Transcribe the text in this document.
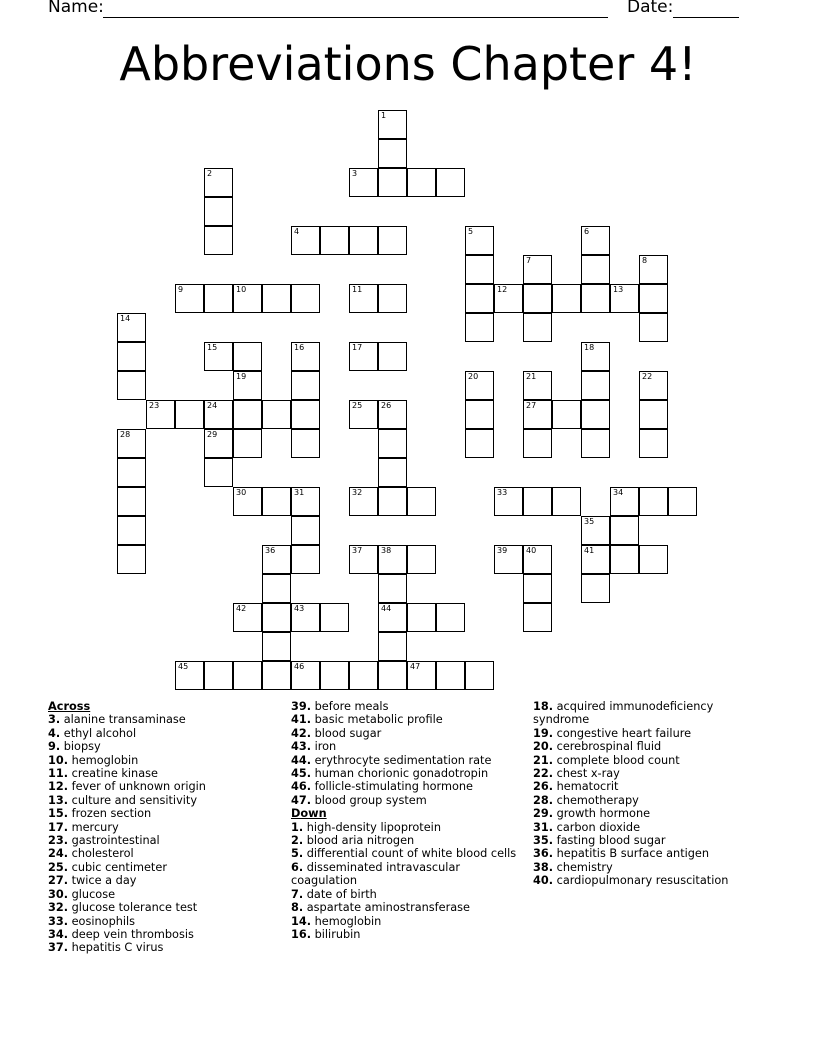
Name:	Date:
Abbreviations Chapter 4!
1
2	3
4	5	6
7	8
9	10	11	12	13
14
15	16	17	18
19	20	21	22
23	24	25 26	27
28	29
30	31	32	33	34
35
41
36	37 38
44
39 40
42	43
45	46	47
Across
3. alanine transaminase
4. ethyl alcohol
9. biopsy
10. hemoglobin
11. creatine kinase
12. fever of unknown origin
13. culture and sensitivity
15. frozen section
17. mercury
23. gastrointestinal
24. cholesterol
25. cubic centimeter
27. twice a day
30. glucose
32. glucose tolerance test
33. eosinophils
34. deep vein thrombosis
37. hepatitis C virus
39. before meals
41. basic metabolic profile
42. blood sugar
43. iron
44. erythrocyte sedimentation rate
45. human chorionic gonadotropin
46. follicle-stimulating hormone
47. blood group system
Down
1. high-density lipoprotein
2. blood aria nitrogen
5. differential count of white blood cells
6. disseminated intravascular coagulation
7. date of birth
8. aspartate aminostransferase
14. hemoglobin
16. bilirubin
18. acquired immunodeficiency syndrome
19. congestive heart failure
20. cerebrospinal fluid
21. complete blood count
22. chest x-ray
26. hematocrit
28. chemotherapy
29. growth hormone
31. carbon dioxide
35. fasting blood sugar
36. hepatitis B surface antigen
38. chemistry
40. cardiopulmonary resuscitation
